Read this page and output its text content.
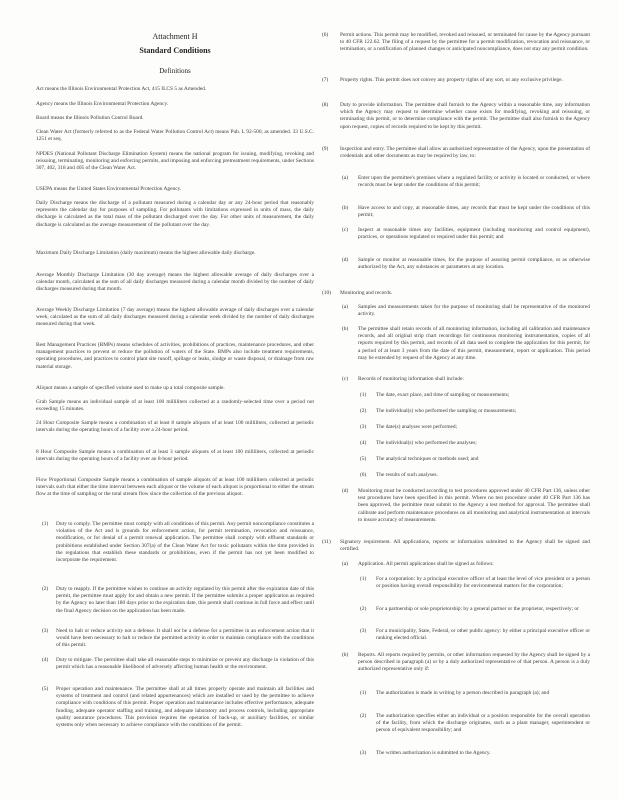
Attachment H

Standard Conditions

Definitions

Act means the Illinois Environmental Protection Act, 415 ILCS 5 as Amended.

Agency means the Illinois Environmental Protection Agency.

Board means the Illinois Pollution Control Board.

Clean Water Act (formerly referred to as the Federal Water Pollution Control Act) means Pub. L 92-500, as amended. 33 U.S.C. 1251 et seq.

NPDES (National Pollutant Discharge Elimination System) means the national program for issuing, modifying, revoking and reissuing, terminating, monitoring and enforcing permits, and imposing and enforcing pretreatment requirements, under Sections 307, 402, 318 and 405 of the Clean Water Act.

USEPA means the United States Environmental Protection Agency.

Daily Discharge means the discharge of a pollutant measured during a calendar day or any 24-hour period that reasonably represents the calendar day for purposes of sampling. For pollutants with limitations expressed in units of mass, the daily discharge is calculated as the total mass of the pollutant discharged over the day. For other units of measurement, the daily discharge is calculated as the average measurement of the pollutant over the day.

Maximum Daily Discharge Limitation (daily maximum) means the highest allowable daily discharge.

Average Monthly Discharge Limitation (30 day average) means the highest allowable average of daily discharges over a calendar month, calculated as the sum of all daily discharges measured during a calendar month divided by the number of daily discharges measured during that month.

Average Weekly Discharge Limitation (7 day average) means the highest allowable average of daily discharges over a calendar week, calculated as the sum of all daily discharges measured during a calendar week divided by the number of daily discharges measured during that week.

Best Management Practices (BMPs) means schedules of activities, prohibitions of practices, maintenance procedures, and other management practices to prevent or reduce the pollution of waters of the State. BMPs also include treatment requirements, operating procedures, and practices to control plant site runoff, spillage or leaks, sludge or waste disposal, or drainage from raw material storage.

Aliquot means a sample of specified volume used to make up a total composite sample.

Grab Sample means an individual sample of at least 100 milliliters collected at a randomly-selected time over a period not exceeding 15 minutes.

24 Hour Composite Sample means a combination of at least 8 sample aliquots of at least 100 milliliters, collected at periodic intervals during the operating hours of a facility over a 24-hour period.

8 Hour Composite Sample means a combination of at least 3 sample aliquots of at least 100 milliliters, collected at periodic intervals during the operating hours of a facility over an 8-hour period.

Flow Proportional Composite Sample means a combination of sample aliquots of at least 100 milliliters collected at periodic intervals such that either the time interval between each aliquot or the volume of each aliquot is proportional to either the stream flow at the time of sampling or the total stream flow since the collection of the previous aliquot.

(1) Duty to comply. The permittee must comply with all conditions of this permit. Any permit noncompliance constitutes a violation of the Act and is grounds for enforcement action, for permit termination, revocation and reissuance, modification, or for denial of a permit renewal application. The permittee shall comply with effluent standards or prohibitions established under Section 307(a) of the Clean Water Act for toxic pollutants within the time provided in the regulations that establish these standards or prohibitions, even if the permit has not yet been modified to incorporate the requirement.

(2) Duty to reapply. If the permittee wishes to continue an activity regulated by this permit after the expiration date of this permit, the permittee must apply for and obtain a new permit. If the permittee submits a proper application as required by the Agency no later than 180 days prior to the expiration date, this permit shall continue in full force and effect until the final Agency decision on the application has been made.

(3) Need to halt or reduce activity not a defense. It shall not be a defense for a permittee in an enforcement action that it would have been necessary to halt or reduce the permitted activity in order to maintain compliance with the conditions of this permit.

(4) Duty to mitigate. The permittee shall take all reasonable steps to minimize or prevent any discharge in violation of this permit which has a reasonable likelihood of adversely affecting human health or the environment.

(5) Proper operation and maintenance. The permittee shall at all times properly operate and maintain all facilities and systems of treatment and control (and related appurtenances) which are installed or used by the permittee to achieve compliance with conditions of this permit. Proper operation and maintenance includes effective performance, adequate funding, adequate operator staffing and training, and adequate laboratory and process controls, including appropriate quality assurance procedures. This provision requires the operation of back-up, or auxiliary facilities, or similar systems only when necessary to achieve compliance with the conditions of the permit.

(6) Permit actions. This permit may be modified, revoked and reissued, or terminated for cause by the Agency pursuant to 40 CFR 122.62. The filing of a request by the permittee for a permit modification, revocation and reissuance, or termination, or a notification of planned changes or anticipated noncompliance, does not stay any permit condition.

(7) Property rights. This permit does not convey any property rights of any sort, or any exclusive privilege.

(8) Duty to provide information. The permittee shall furnish to the Agency within a reasonable time, any information which the Agency may request to determine whether cause exists for modifying, revoking and reissuing, or terminating this permit, or to determine compliance with the permit. The permittee shall also furnish to the Agency upon request, copies of records required to be kept by this permit.

(9) Inspection and entry. The permittee shall allow an authorized representative of the Agency, upon the presentation of credentials and other documents as may be required by law, to:

(a) Enter upon the permittee's premises where a regulated facility or activity is located or conducted, or where records must be kept under the conditions of this permit;

(b) Have access to and copy, at reasonable times, any records that must be kept under the conditions of this permit;

(c) Inspect at reasonable times any facilities, equipment (including monitoring and control equipment), practices, or operations regulated or required under this permit; and

(d) Sample or monitor at reasonable times, for the purpose of assuring permit compliance, or as otherwise authorized by the Act, any substances or parameters at any location.

(10) Monitoring and records.

(a) Samples and measurements taken for the purpose of monitoring shall be representative of the monitored activity.

(b) The permittee shall retain records of all monitoring information, including all calibration and maintenance records, and all original strip chart recordings for continuous monitoring instrumentation, copies of all reports required by this permit, and records of all data used to complete the application for this permit, for a period of at least 3 years from the date of this permit, measurement, report or application. This period may be extended by request of the Agency at any time.

(c) Records of monitoring information shall include:

(1) The date, exact place, and time of sampling or measurements;

(2) The individual(s) who performed the sampling or measurements;

(3) The date(s) analyses were performed;

(4) The individual(s) who performed the analyses;

(5) The analytical techniques or methods used; and

(6) The results of such analyses.

(d) Monitoring must be conducted according to test procedures approved under 40 CFR Part 136, unless other test procedures have been specified in this permit. Where no test procedure under 40 CFR Part 136 has been approved, the permittee must submit to the Agency a test method for approval. The permittee shall calibrate and perform maintenance procedures on all monitoring and analytical instrumentation at intervals to insure accuracy of measurements.

(11) Signatory requirement. All applications, reports or information submitted to the Agency shall be signed and certified.

(a) Application. All permit applications shall be signed as follows:

(1) For a corporation: by a principal executive officer of at least the level of vice president or a person or position having overall responsibility for environmental matters for the corporation;

(2) For a partnership or sole proprietorship: by a general partner or the proprietor, respectively; or

(3) For a municipality, State, Federal, or other public agency: by either a principal executive officer or ranking elected official.

(b) Reports. All reports required by permits, or other information requested by the Agency shall be signed by a person described in paragraph (a) or by a duly authorized representative of that person. A person is a duly authorized representative only if:

(1) The authorization is made in writing by a person described in paragraph (a); and

(2) The authorization specifies either an individual or a position responsible for the overall operation of the facility, from which the discharge originates, such as a plant manager, superintendent or person of equivalent responsibility; and

(3) The written authorization is submitted to the Agency.
